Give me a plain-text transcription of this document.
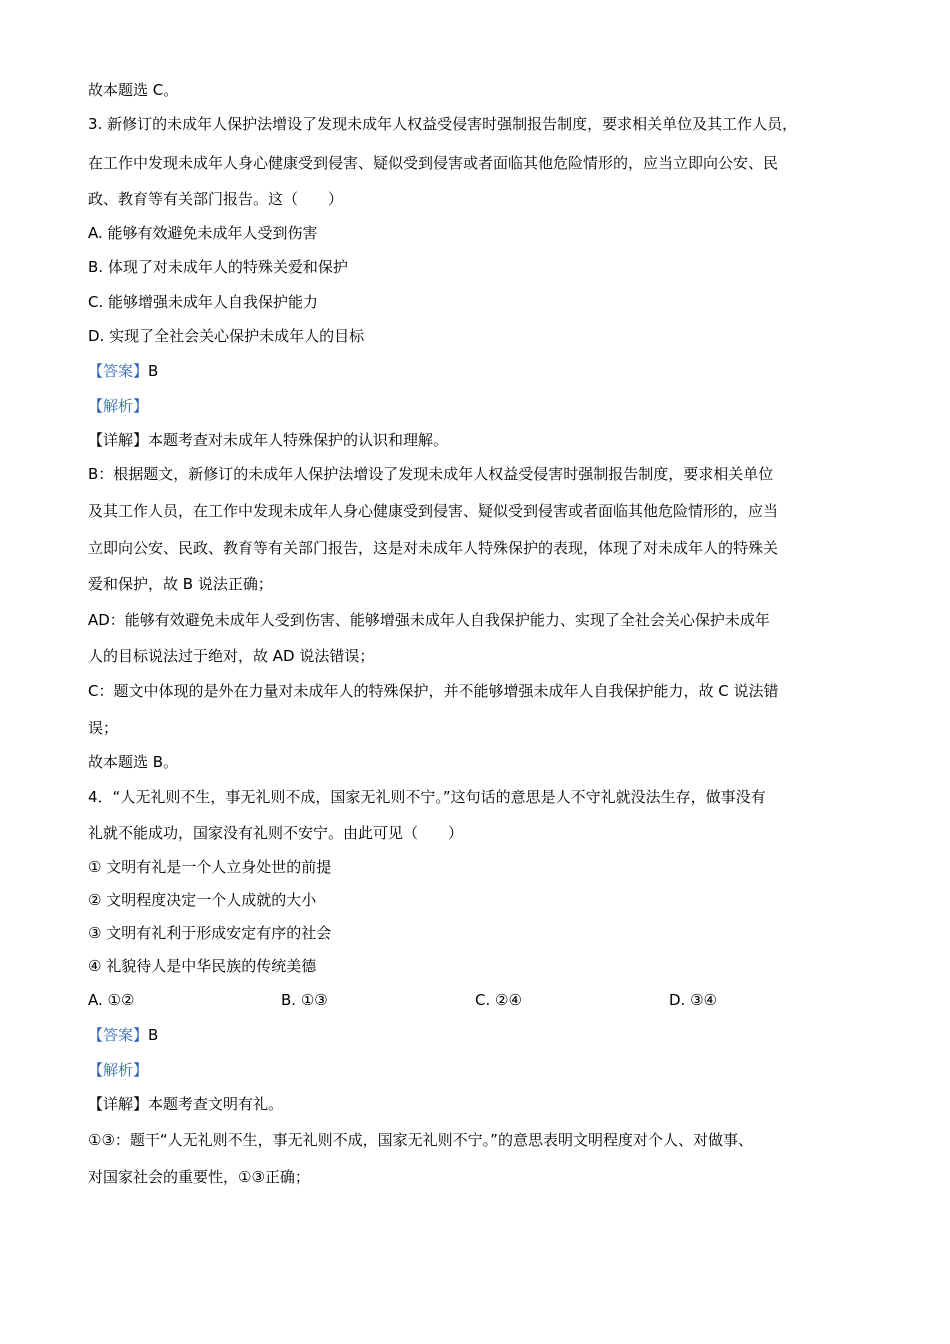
故本题选 C。
3. 新修订的未成年人保护法增设了发现未成年人权益受侵害时强制报告制度，要求相关单位及其工作人员，
在工作中发现未成年人身心健康受到侵害、疑似受到侵害或者面临其他危险情形的，应当立即向公安、民
政、教育等有关部门报告。这（　　）
A. 能够有效避免未成年人受到伤害
B. 体现了对未成年人的特殊关爱和保护
C. 能够增强未成年人自我保护能力
D. 实现了全社会关心保护未成年人的目标
【答案】B
【解析】
【详解】本题考查对未成年人特殊保护的认识和理解。
B：根据题文，新修订的未成年人保护法增设了发现未成年人权益受侵害时强制报告制度，要求相关单位
及其工作人员，在工作中发现未成年人身心健康受到侵害、疑似受到侵害或者面临其他危险情形的，应当
立即向公安、民政、教育等有关部门报告，这是对未成年人特殊保护的表现，体现了对未成年人的特殊关
爱和保护，故 B 说法正确；
AD：能够有效避免未成年人受到伤害、能够增强未成年人自我保护能力、实现了全社会关心保护未成年
人的目标说法过于绝对，故 AD 说法错误；
C：题文中体现的是外在力量对未成年人的特殊保护，并不能够增强未成年人自我保护能力，故 C 说法错
误；
故本题选 B。
4．“人无礼则不生，事无礼则不成，国家无礼则不宁。”这句话的意思是人不守礼就没法生存，做事没有
礼就不能成功，国家没有礼则不安宁。由此可见（　　）
① 文明有礼是一个人立身处世的前提
② 文明程度决定一个人成就的大小
③ 文明有礼利于形成安定有序的社会
④ 礼貌待人是中华民族的传统美德
A. ①②	B. ①③	C. ②④	D. ③④
【答案】B
【解析】
【详解】本题考查文明有礼。
①③：题干“人无礼则不生，事无礼则不成，国家无礼则不宁。”的意思表明文明程度对个人、对做事、
对国家社会的重要性，①③正确；
